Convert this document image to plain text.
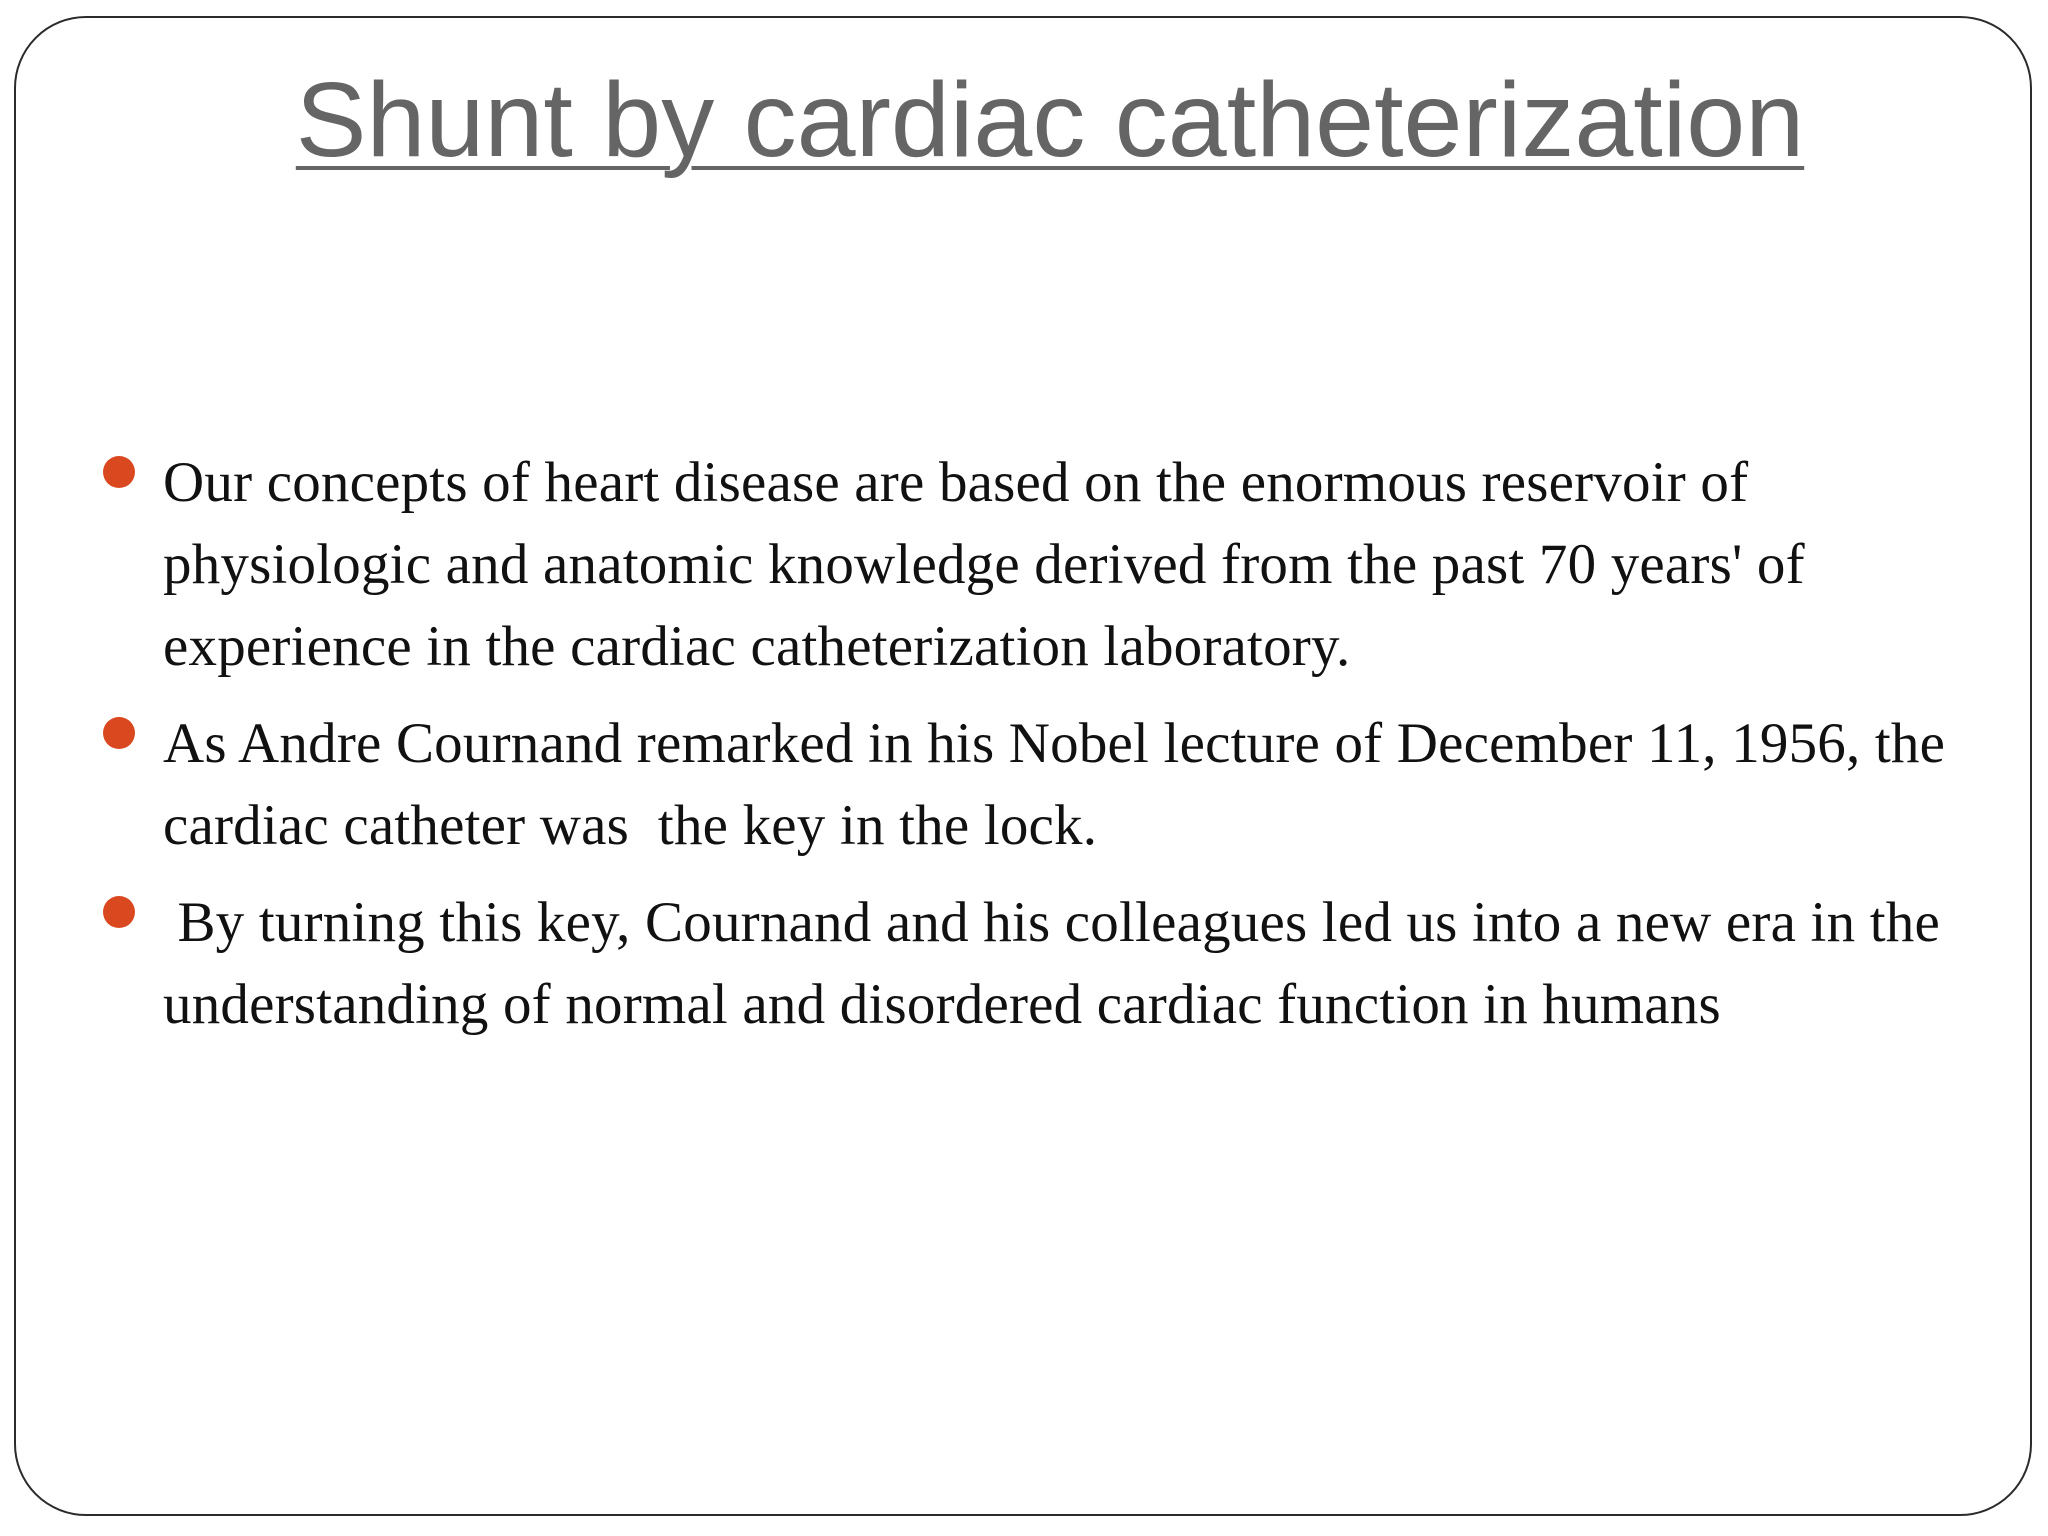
Shunt by cardiac catheterization
Our concepts of heart disease are based on the enormous reservoir of physiologic and anatomic knowledge derived from the past 70 years' of experience in the cardiac catheterization laboratory.
As Andre Cournand remarked in his Nobel lecture of December 11, 1956, the cardiac catheter was  the key in the lock.
By turning this key, Cournand and his colleagues led us into a new era in the understanding of normal and disordered cardiac function in humans
